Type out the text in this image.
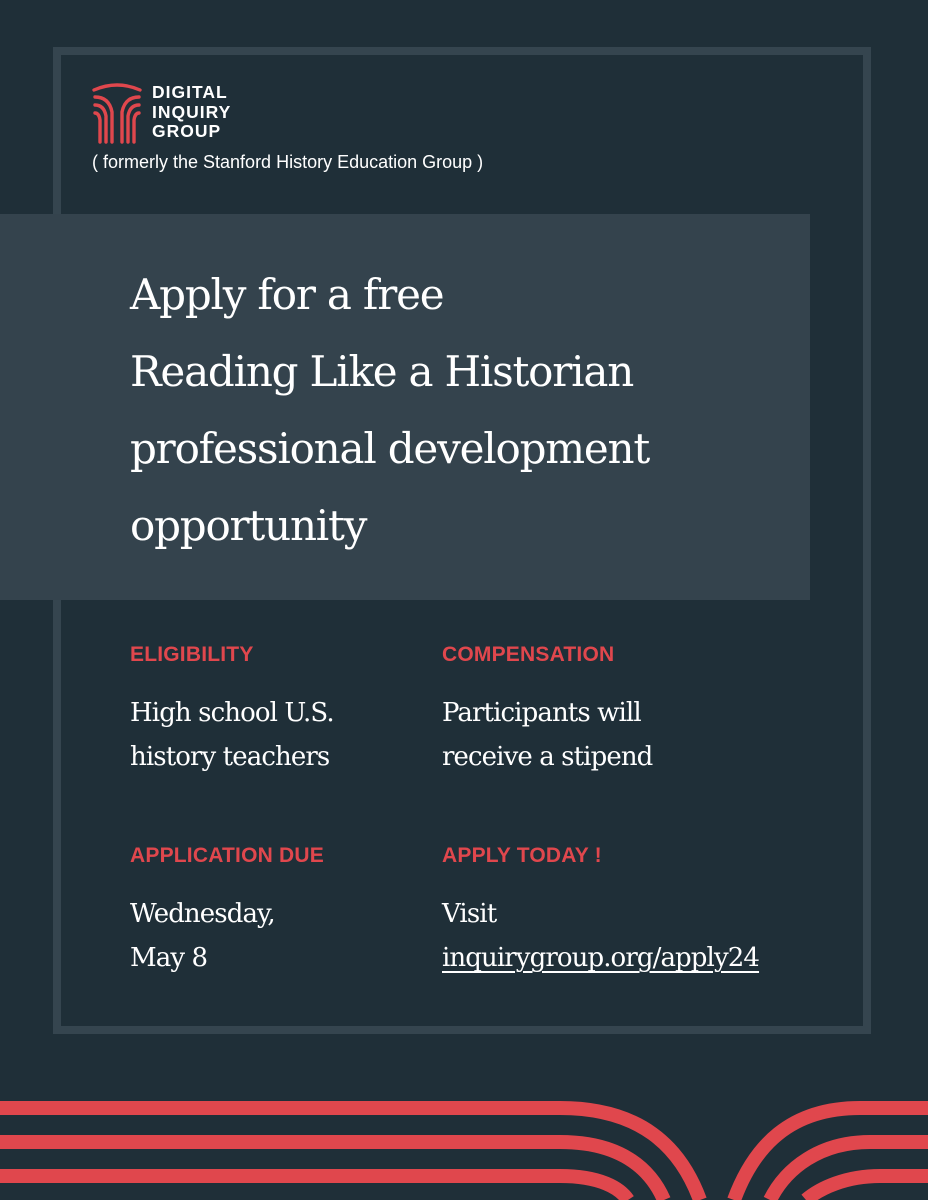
DIGITAL
INQUIRY
GROUP
( formerly the Stanford History Education Group )
Apply for a free
Reading Like a Historian
professional development
opportunity
ELIGIBILITY
High school U.S.
history teachers
COMPENSATION
Participants will
receive a stipend
APPLICATION DUE
Wednesday,
May 8
APPLY TODAY !
Visit
inquirygroup.org/apply24
